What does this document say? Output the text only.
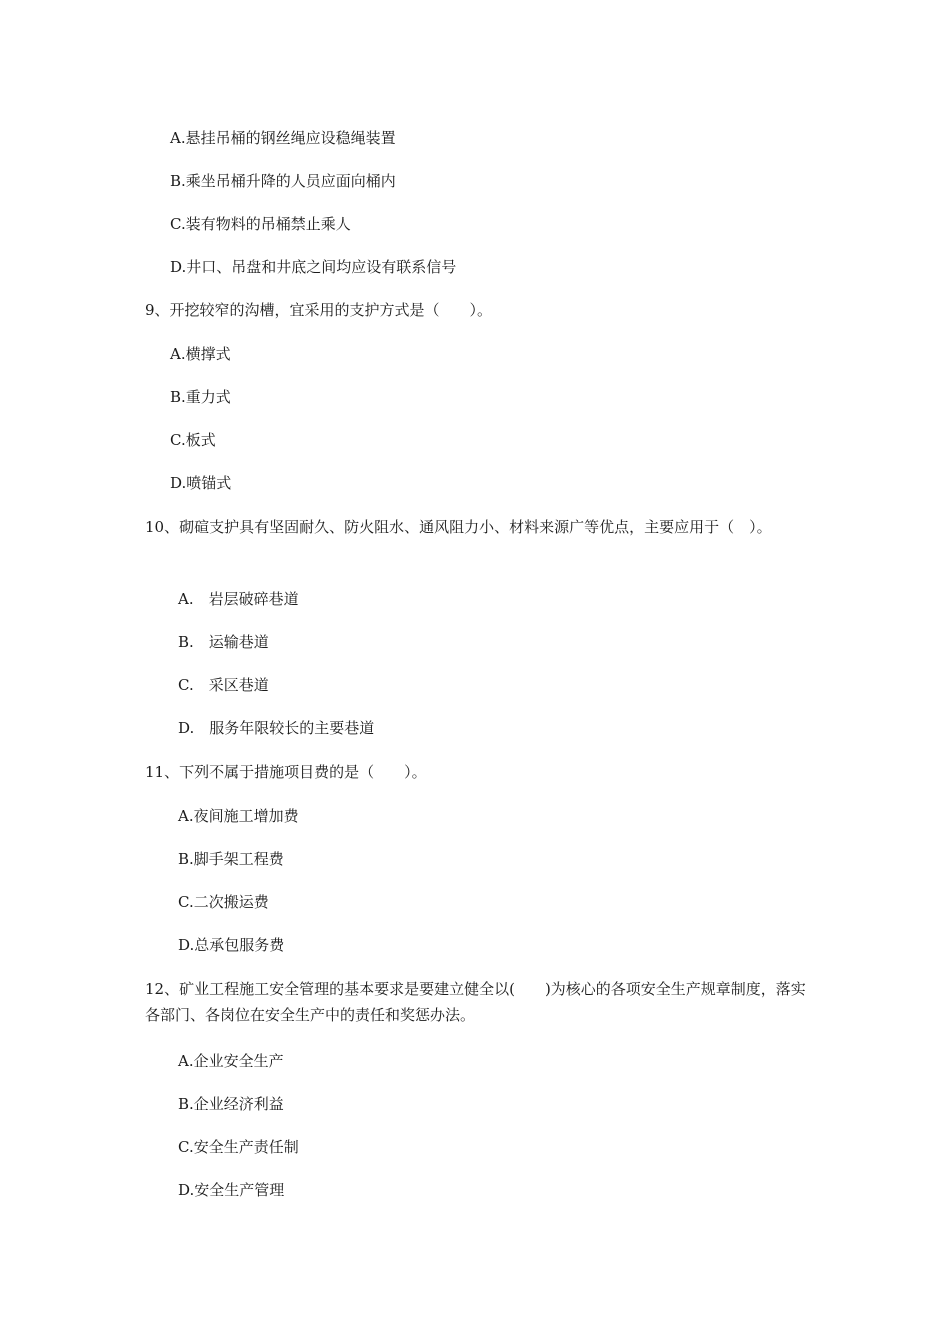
A.悬挂吊桶的钢丝绳应设稳绳装置
B.乘坐吊桶升降的人员应面向桶内
C.装有物料的吊桶禁止乘人
D.井口、吊盘和井底之间均应设有联系信号
9、开挖较窄的沟槽，宜采用的支护方式是（　　）。
A.横撑式
B.重力式
C.板式
D.喷锚式
10、砌碹支护具有坚固耐久、防火阻水、通风阻力小、材料来源广等优点，主要应用于（　）。
A.　岩层破碎巷道
B.　运输巷道
C.　采区巷道
D.　服务年限较长的主要巷道
11、下列不属于措施项目费的是（　　）。
A.夜间施工增加费
B.脚手架工程费
C.二次搬运费
D.总承包服务费
12、矿业工程施工安全管理的基本要求是要建立健全以(　　)为核心的各项安全生产规章制度，落实各部门、各岗位在安全生产中的责任和奖惩办法。
A.企业安全生产
B.企业经济利益
C.安全生产责任制
D.安全生产管理
